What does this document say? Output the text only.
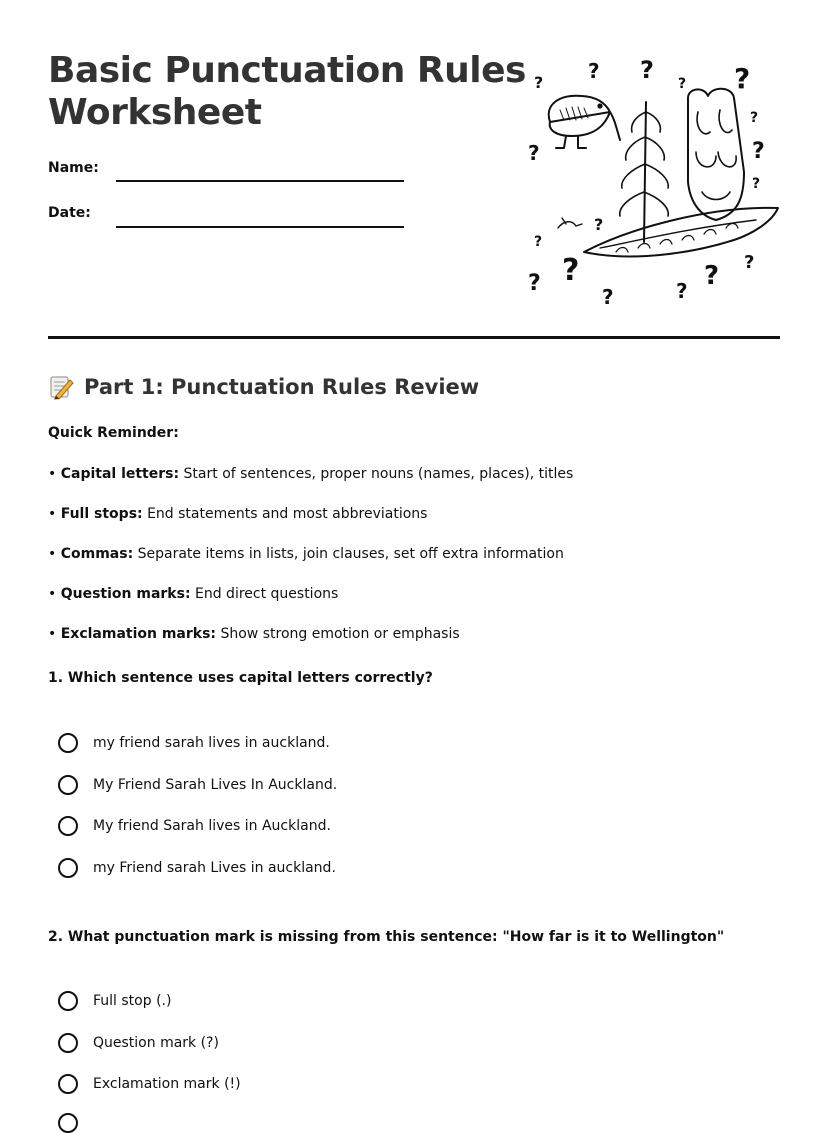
Basic Punctuation Rules
Worksheet
Name:
Date:
? ? ? ? ?
?
?
?
?
?
?
?
?
?	? ? ?
Part 1: Punctuation Rules Review
Quick Reminder:
• Capital letters: Start of sentences, proper nouns (names, places), titles
• Full stops: End statements and most abbreviations
• Commas: Separate items in lists, join clauses, set off extra information
• Question marks: End direct questions
• Exclamation marks: Show strong emotion or emphasis
1. Which sentence uses capital letters correctly?
my friend sarah lives in auckland.
My Friend Sarah Lives In Auckland.
My friend Sarah lives in Auckland.
my Friend sarah Lives in auckland.
2. What punctuation mark is missing from this sentence: "How far is it to Wellington"
Full stop (.)
Question mark (?)
Exclamation mark (!)
